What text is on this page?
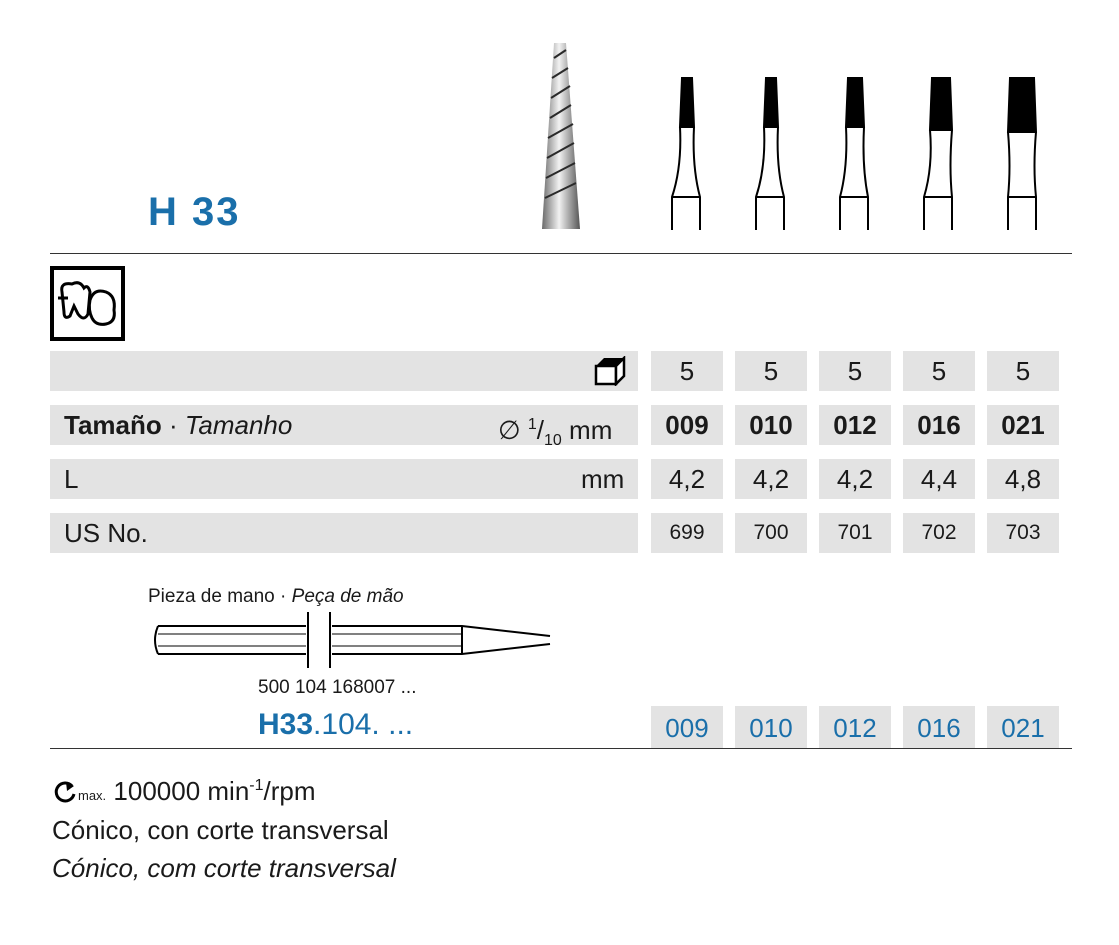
H 33
5	5	5	5	5
Tamaño · Tamanho	∅ $^1/_{10}$ mm	009	010	012	016	021
L	mm	4,2	4,2	4,2	4,4	4,8
US No.	699	700	701	702	703
Pieza de mano · Peça de mão
500 104 168007 ...
H33.104. ...	009	010	012	016	021
max. 100000 $\min^{-1}$/rpm
Cónico, con corte transversal
Cónico, com corte transversal
